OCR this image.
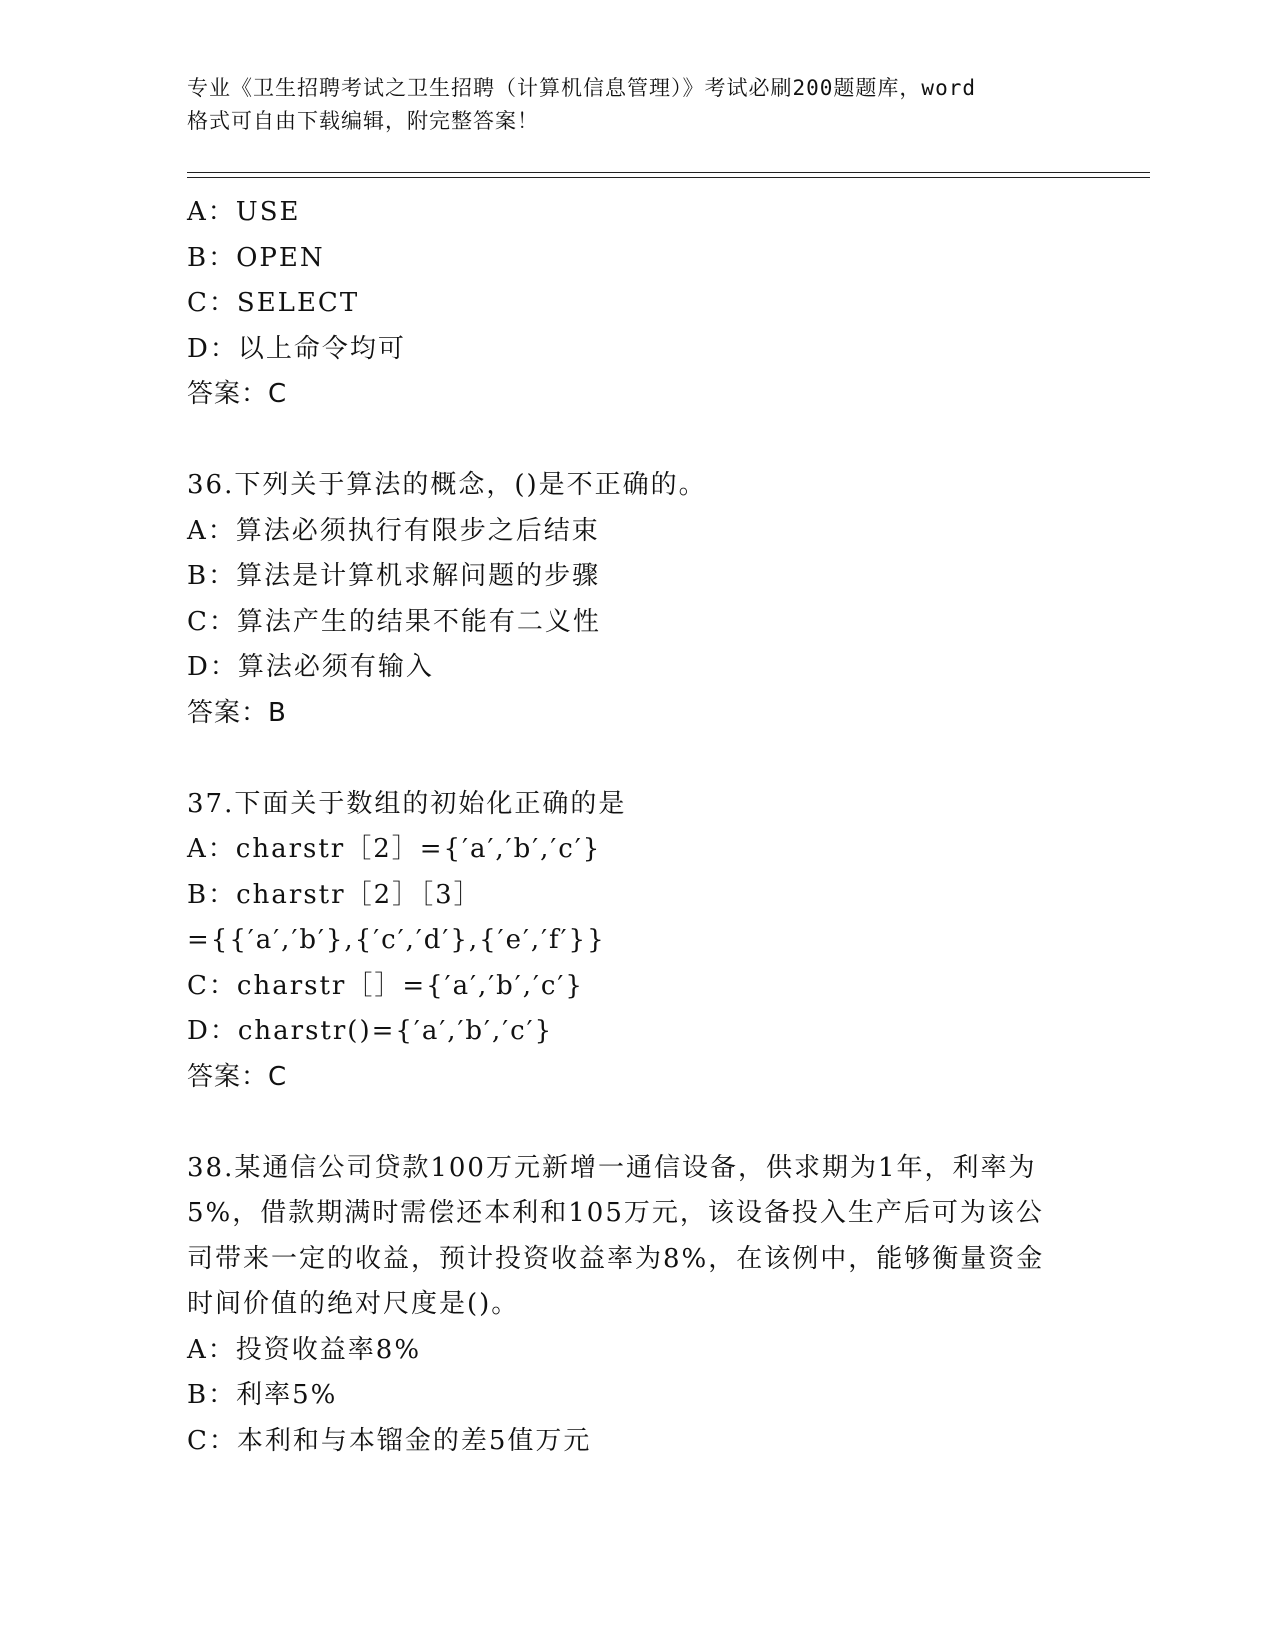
专业《卫生招聘考试之卫生招聘（计算机信息管理）》考试必刷200题题库，word
格式可自由下载编辑，附完整答案！
A：USE
B：OPEN
C：SELECT
D：以上命令均可
答案：C
36.下列关于算法的概念，()是不正确的。
A：算法必须执行有限步之后结束
B：算法是计算机求解问题的步骤
C：算法产生的结果不能有二义性
D：算法必须有输入
答案：B
37.下面关于数组的初始化正确的是
A：charstr［2］={′a′,′b′,′c′}
B：charstr［2］［3］
={{′a′,′b′},{′c′,′d′},{′e′,′f′}}
C：charstr［］={′a′,′b′,′c′}
D：charstr()={′a′,′b′,′c′}
答案：C
38.某通信公司贷款100万元新增一通信设备，供求期为1年，利率为
5%，借款期满时需偿还本利和105万元，该设备投入生产后可为该公
司带来一定的收益，预计投资收益率为8%，在该例中，能够衡量资金
时间价值的绝对尺度是()。
A：投资收益率8%
B：利率5%
C：本利和与本镏金的差5值万元
